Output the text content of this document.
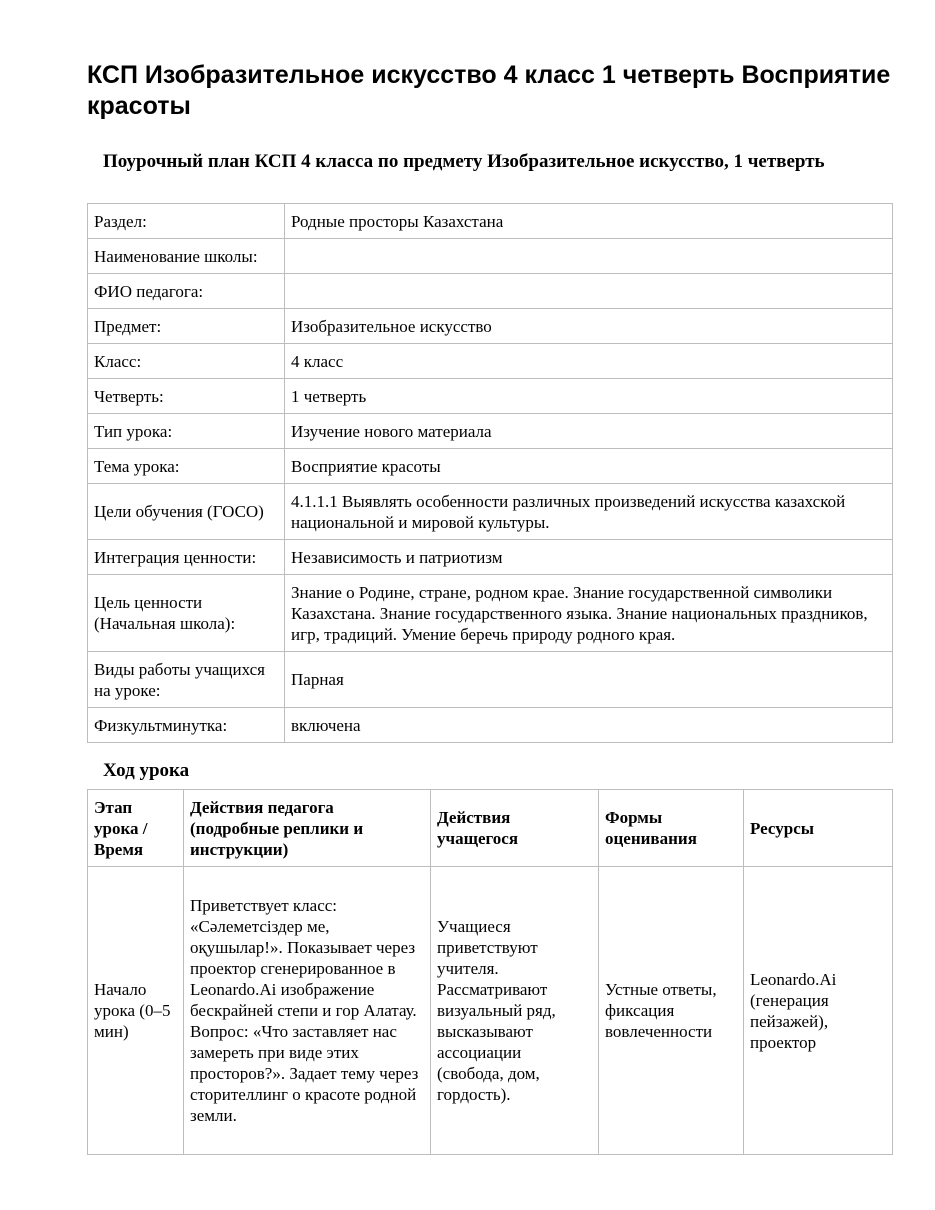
КСП Изобразительное искусство 4 класс 1 четверть Восприятие красоты
Поурочный план КСП 4 класса по предмету Изобразительное искусство, 1 четверть
Раздел:	Родные просторы Казахстана
Наименование школы:	
ФИО педагога:	
Предмет:	Изобразительное искусство
Класс:	4 класс
Четверть:	1 четверть
Тип урока:	Изучение нового материала
Тема урока:	Восприятие красоты
Цели обучения (ГОСО)	4.1.1.1 Выявлять особенности различных произведений искусства казахской национальной и мировой культуры.
Интеграция ценности:	Независимость и патриотизм
Цель ценности (Начальная школа):	Знание о Родине, стране, родном крае. Знание государственной символики Казахстана. Знание государственного языка. Знание национальных праздников, игр, традиций. Умение беречь природу родного края.
Виды работы учащихся на уроке:	Парная
Физкультминутка:	включена
Ход урока
Этап урока / Время	Действия педагога (подробные реплики и инструкции)	Действия учащегося	Формы оценивания	Ресурсы
Начало урока (0–5 мин)	Приветствует класс: «Сәлеметсіздер ме, оқушылар!». Показывает через проектор сгенерированное в Leonardo.Ai изображение бескрайней степи и гор Алатау. Вопрос: «Что заставляет нас замереть при виде этих просторов?». Задает тему через сторителлинг о красоте родной земли.	Учащиеся приветствуют учителя. Рассматривают визуальный ряд, высказывают ассоциации (свобода, дом, гордость).	Устные ответы, фиксация вовлеченности	Leonardo.Ai (генерация пейзажей), проектор
